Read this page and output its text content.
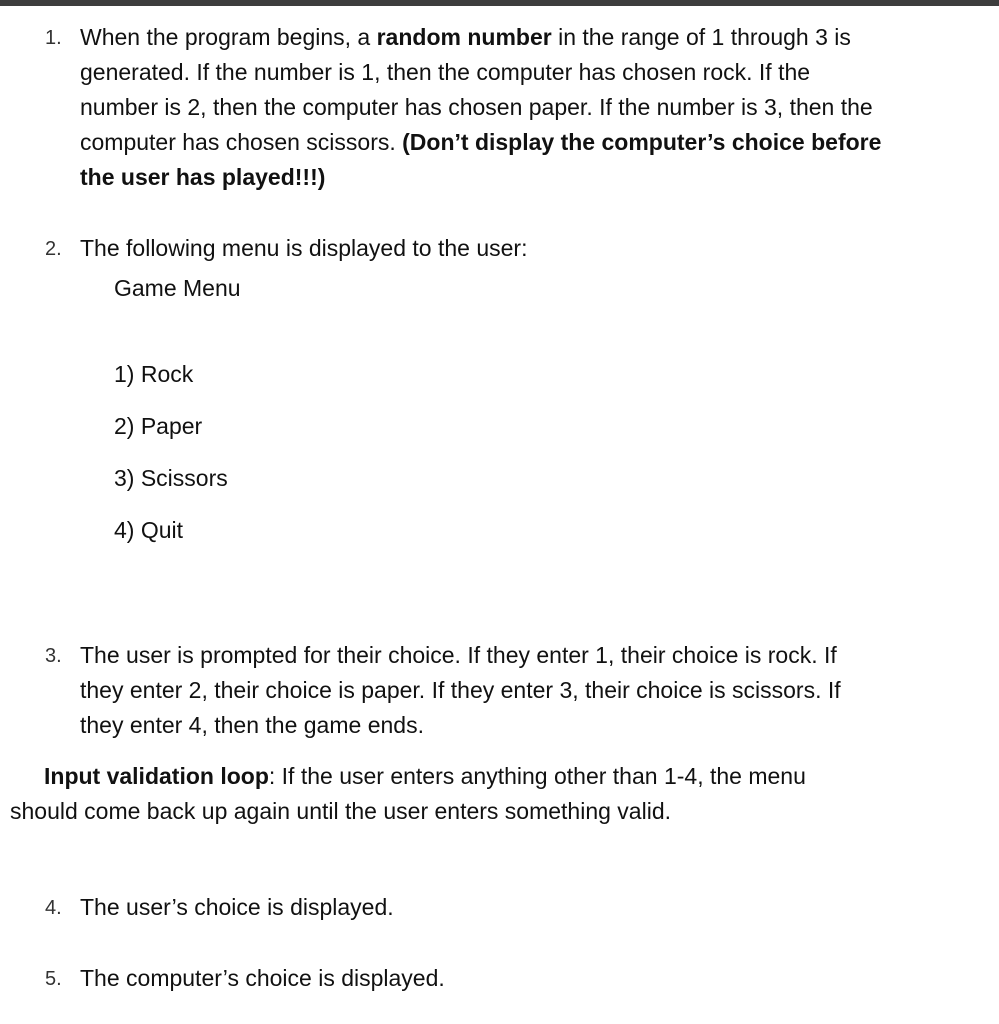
1. When the program begins, a random number in the range of 1 through 3 is
generated. If the number is 1, then the computer has chosen rock. If the
number is 2, then the computer has chosen paper. If the number is 3, then the
computer has chosen scissors. (Don’t display the computer’s choice before
the user has played!!!)
2. The following menu is displayed to the user:
Game Menu
1) Rock
2) Paper
3) Scissors
4) Quit
3. The user is prompted for their choice. If they enter 1, their choice is rock. If
they enter 2, their choice is paper. If they enter 3, their choice is scissors. If
they enter 4, then the game ends.
Input validation loop: If the user enters anything other than 1-4, the menu
should come back up again until the user enters something valid.
4. The user’s choice is displayed.
5. The computer’s choice is displayed.
